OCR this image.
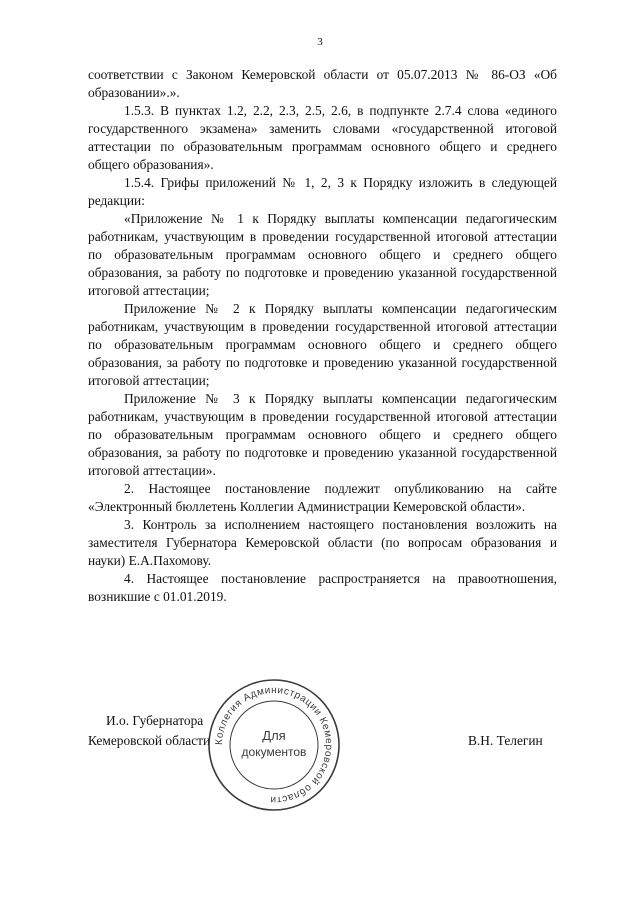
3

соответствии с Законом Кемеровской области от 05.07.2013 № 86-ОЗ «Об образовании».».

1.5.3. В пунктах 1.2, 2.2, 2.3, 2.5, 2.6, в подпункте 2.7.4 слова «единого государственного экзамена» заменить словами «государственной итоговой аттестации по образовательным программам основного общего и среднего общего образования».

1.5.4. Грифы приложений № 1, 2, 3 к Порядку изложить в следующей редакции:

«Приложение № 1 к Порядку выплаты компенсации педагогическим работникам, участвующим в проведении государственной итоговой аттестации по образовательным программам основного общего и среднего общего образования, за работу по подготовке и проведению указанной государственной итоговой аттестации;

Приложение № 2 к Порядку выплаты компенсации педагогическим работникам, участвующим в проведении государственной итоговой аттестации по образовательным программам основного общего и среднего общего образования, за работу по подготовке и проведению указанной государственной итоговой аттестации;

Приложение № 3 к Порядку выплаты компенсации педагогическим работникам, участвующим в проведении государственной итоговой аттестации по образовательным программам основного общего и среднего общего образования, за работу по подготовке и проведению указанной государственной итоговой аттестации».

2. Настоящее постановление подлежит опубликованию на сайте «Электронный бюллетень Коллегии Администрации Кемеровской области».

3. Контроль за исполнением настоящего постановления возложить на заместителя Губернатора Кемеровской области (по вопросам образования и науки) Е.А.Пахомову.

4. Настоящее постановление распространяется на правоотношения, возникшие с 01.01.2019.

И.о. Губернатора
Кемеровской области	В.Н. Телегин
Коллегия Администрации Кемеровской области
Для
документов
